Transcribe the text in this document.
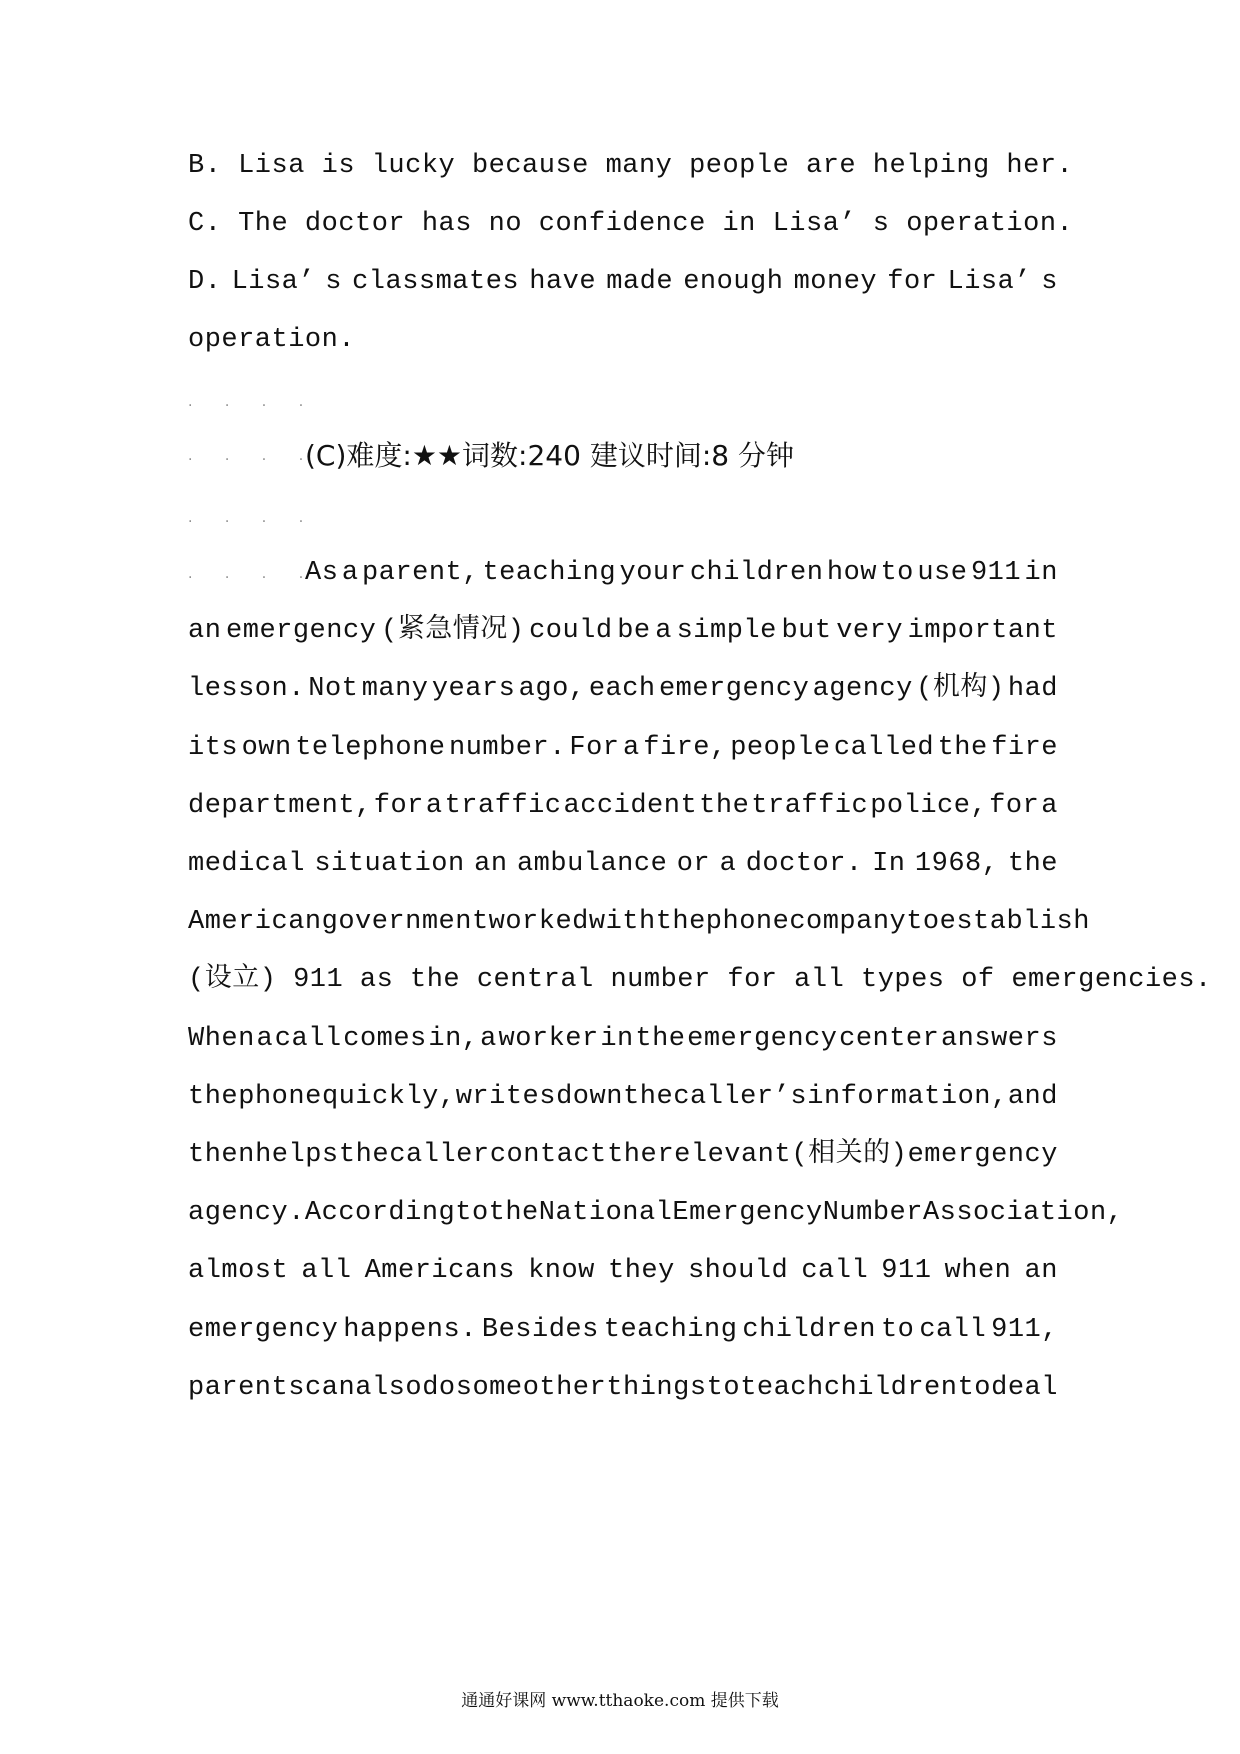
B. Lisa is lucky because many people are helping her.
C. The doctor has no confidence in Lisa’ s operation.
D. Lisa’ s classmates have made enough money for Lisa’ s
operation.
· · · ·
· · · ·
(C)难度:★★词数:240 建议时间:8 分钟
· · · ·
· · · ·
As a parent, teaching your children how to use 911 in
an emergency (紧急情况) could be a simple but very important
lesson. Not many years ago, each emergency agency (机构) had
its own telephone number. For a fire, people called the fire
department, for a traffic accident the traffic police, for a
medical situation an ambulance or a doctor. In 1968, the
American government worked with the phone company to establish
(设立) 911 as the central number for all types of emergencies.
When a call comes in, a worker in the emergency center answers
the phone quickly, writes down the caller’ s information, and
then helps the caller contact the relevant (相关的) emergency
agency. According to the National Emergency Number Association,
almost all Americans know they should call 911 when an
emergency happens. Besides teaching children to call 911,
parents can also do some other things to teach children to deal
通通好课网 www.tthaoke.com 提供下载
